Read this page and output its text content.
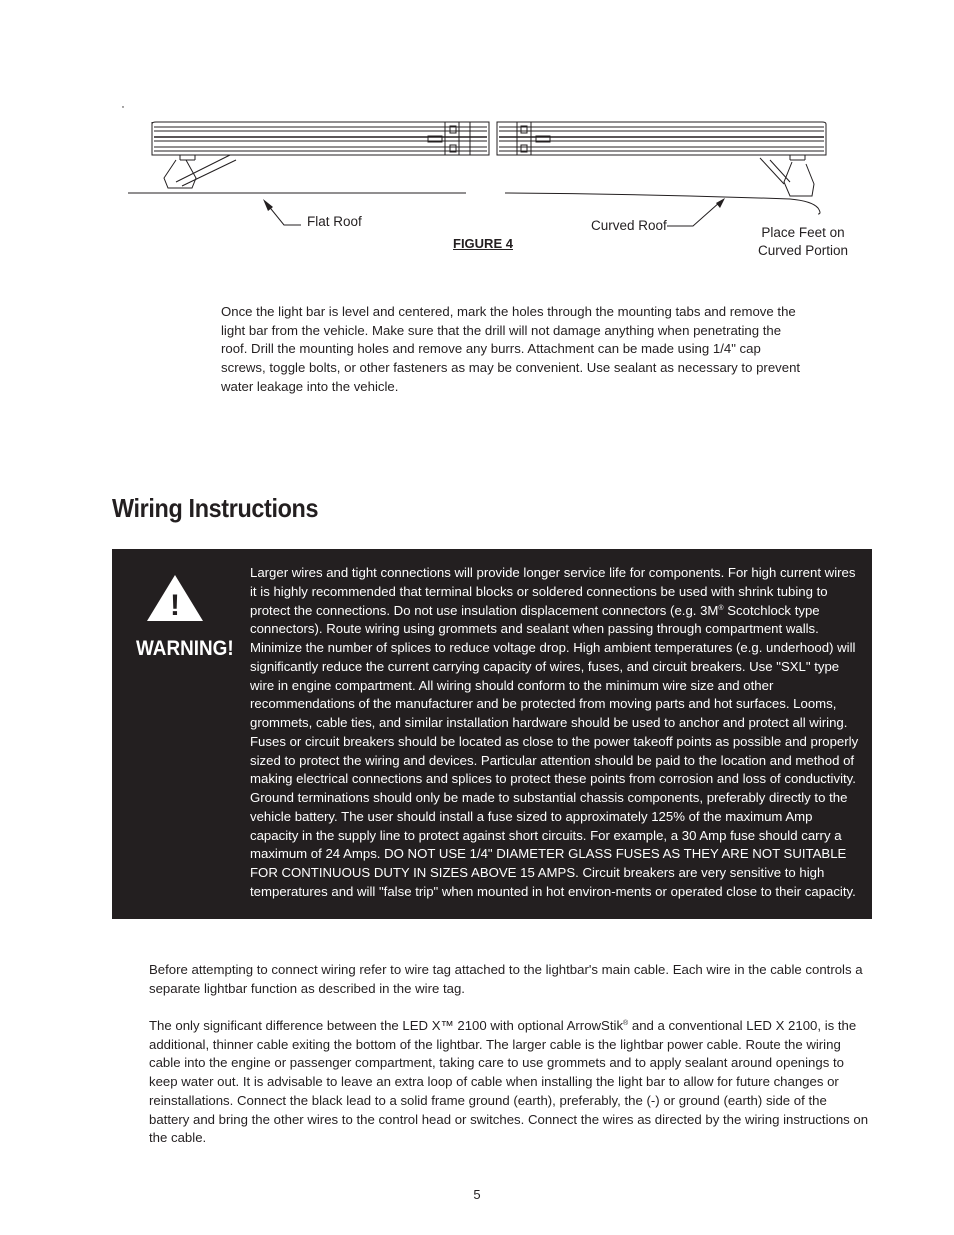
Flat Roof	Curved Roof	Place Feet on
Curved Portion
FIGURE 4
Once the light bar is level and centered, mark the holes through the mounting tabs and remove the light bar from the vehicle. Make sure that the drill will not damage anything when penetrating the roof. Drill the mounting holes and remove any burrs. Attachment can be made using 1/4" cap screws, toggle bolts, or other fasteners as may be convenient. Use sealant as necessary to prevent water leakage into the vehicle.
Wiring Instructions
!
WARNING!
Larger wires and tight connections will provide longer service life for components. For high current wires it is highly recommended that terminal blocks or soldered connections be used with shrink tubing to protect the connections. Do not use insulation displacement connectors (e.g. 3M® Scotchlock type connectors). Route wiring using grommets and sealant when passing through compartment walls. Minimize the number of splices to reduce voltage drop. High ambient temperatures (e.g. underhood) will significantly reduce the current carrying capacity of wires, fuses, and circuit breakers. Use "SXL" type wire in engine compartment. All wiring should conform to the minimum wire size and other recommendations of the manufacturer and be protected from moving parts and hot surfaces. Looms, grommets, cable ties, and similar installation hardware should be used to anchor and protect all wiring. Fuses or circuit breakers should be located as close to the power takeoff points as possible and properly sized to protect the wiring and devices. Particular attention should be paid to the location and method of making electrical connections and splices to protect these points from corrosion and loss of conductivity. Ground terminations should only be made to substantial chassis components, preferably directly to the vehicle battery. The user should install a fuse sized to approximately 125% of the maximum Amp capacity in the supply line to protect against short circuits. For example, a 30 Amp fuse should carry a maximum of 24 Amps. DO NOT USE 1/4" DIAMETER GLASS FUSES AS THEY ARE NOT SUITABLE FOR CONTINUOUS DUTY IN SIZES ABOVE 15 AMPS. Circuit breakers are very sensitive to high temperatures and will "false trip" when mounted in hot environ-ments or operated close to their capacity.
Before attempting to connect wiring refer to wire tag attached to the lightbar's main cable. Each wire in the cable controls a separate lightbar function as described in the wire tag.
The only significant difference between the LED X™ 2100 with optional ArrowStik® and a conventional LED X 2100, is the additional, thinner cable exiting the bottom of the lightbar. The larger cable is the lightbar power cable. Route the wiring cable into the engine or passenger compartment, taking care to use grommets and to apply sealant around openings to keep water out. It is advisable to leave an extra loop of cable when installing the light bar to allow for future changes or reinstallations. Connect the black lead to a solid frame ground (earth), preferably, the (-) or ground (earth) side of the battery and bring the other wires to the control head or switches. Connect the wires as directed by the wiring instructions on the cable.
5
